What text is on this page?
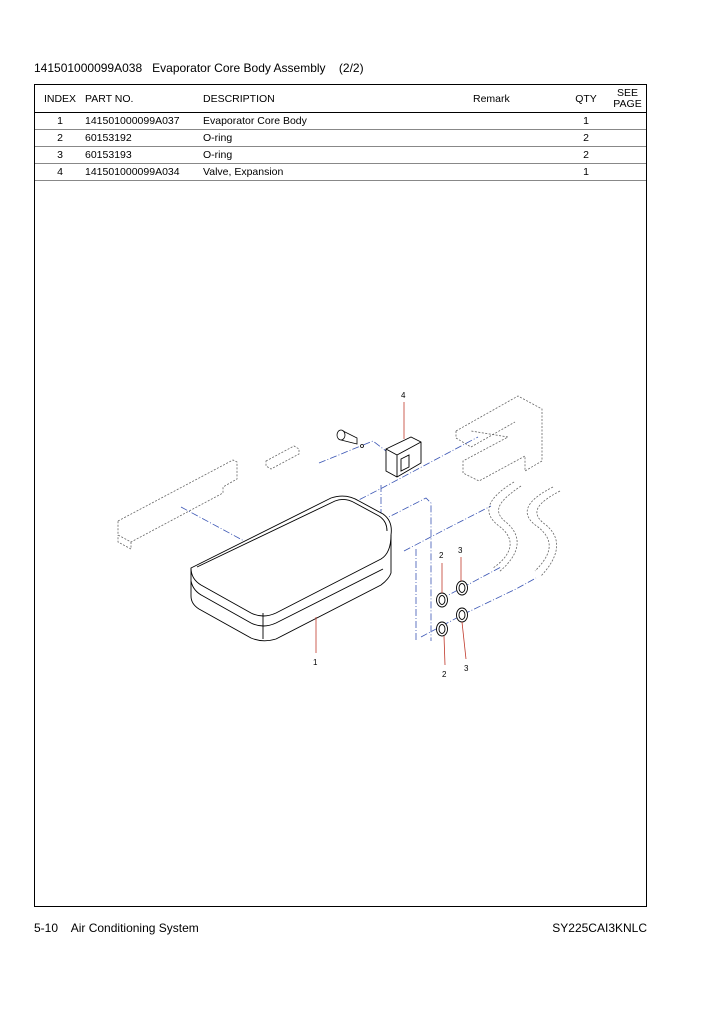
141501000099A038 Evaporator Core Body Assembly (2/2)
INDEX	PART NO.	DESCRIPTION	Remark	QTY	SEE
PAGE

1	141501000099A037	Evaporator Core Body		1	
2	60153192	O-ring		2	
3	60153193	O-ring		2	
4	141501000099A034	Valve, Expansion		1	
4
1
2
3
2
3
5-10 Air Conditioning System	SY225CAI3KNLC
